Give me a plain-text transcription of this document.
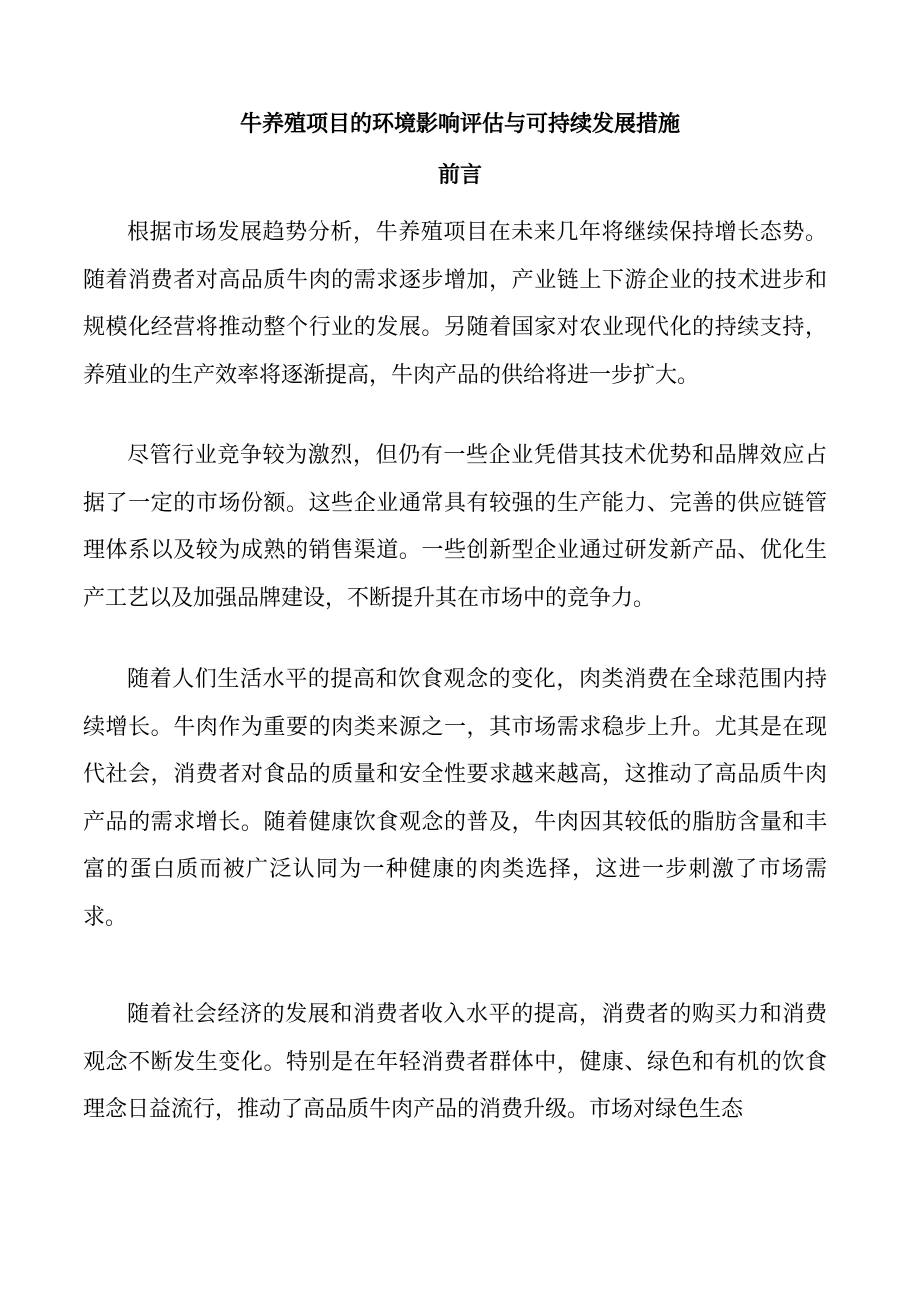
牛养殖项目的环境影响评估与可持续发展措施
前言

根据市场发展趋势分析，牛养殖项目在未来几年将继续保持增长态势。随着消费者对高品质牛肉的需求逐步增加，产业链上下游企业的技术进步和规模化经营将推动整个行业的发展。另随着国家对农业现代化的持续支持，养殖业的生产效率将逐渐提高，牛肉产品的供给将进一步扩大。

尽管行业竞争较为激烈，但仍有一些企业凭借其技术优势和品牌效应占据了一定的市场份额。这些企业通常具有较强的生产能力、完善的供应链管理体系以及较为成熟的销售渠道。一些创新型企业通过研发新产品、优化生产工艺以及加强品牌建设，不断提升其在市场中的竞争力。

随着人们生活水平的提高和饮食观念的变化，肉类消费在全球范围内持续增长。牛肉作为重要的肉类来源之一，其市场需求稳步上升。尤其是在现代社会，消费者对食品的质量和安全性要求越来越高，这推动了高品质牛肉产品的需求增长。随着健康饮食观念的普及，牛肉因其较低的脂肪含量和丰富的蛋白质而被广泛认同为一种健康的肉类选择，这进一步刺激了市场需求。

随着社会经济的发展和消费者收入水平的提高，消费者的购买力和消费观念不断发生变化。特别是在年轻消费者群体中，健康、绿色和有机的饮食理念日益流行，推动了高品质牛肉产品的消费升级。市场对绿色生态
